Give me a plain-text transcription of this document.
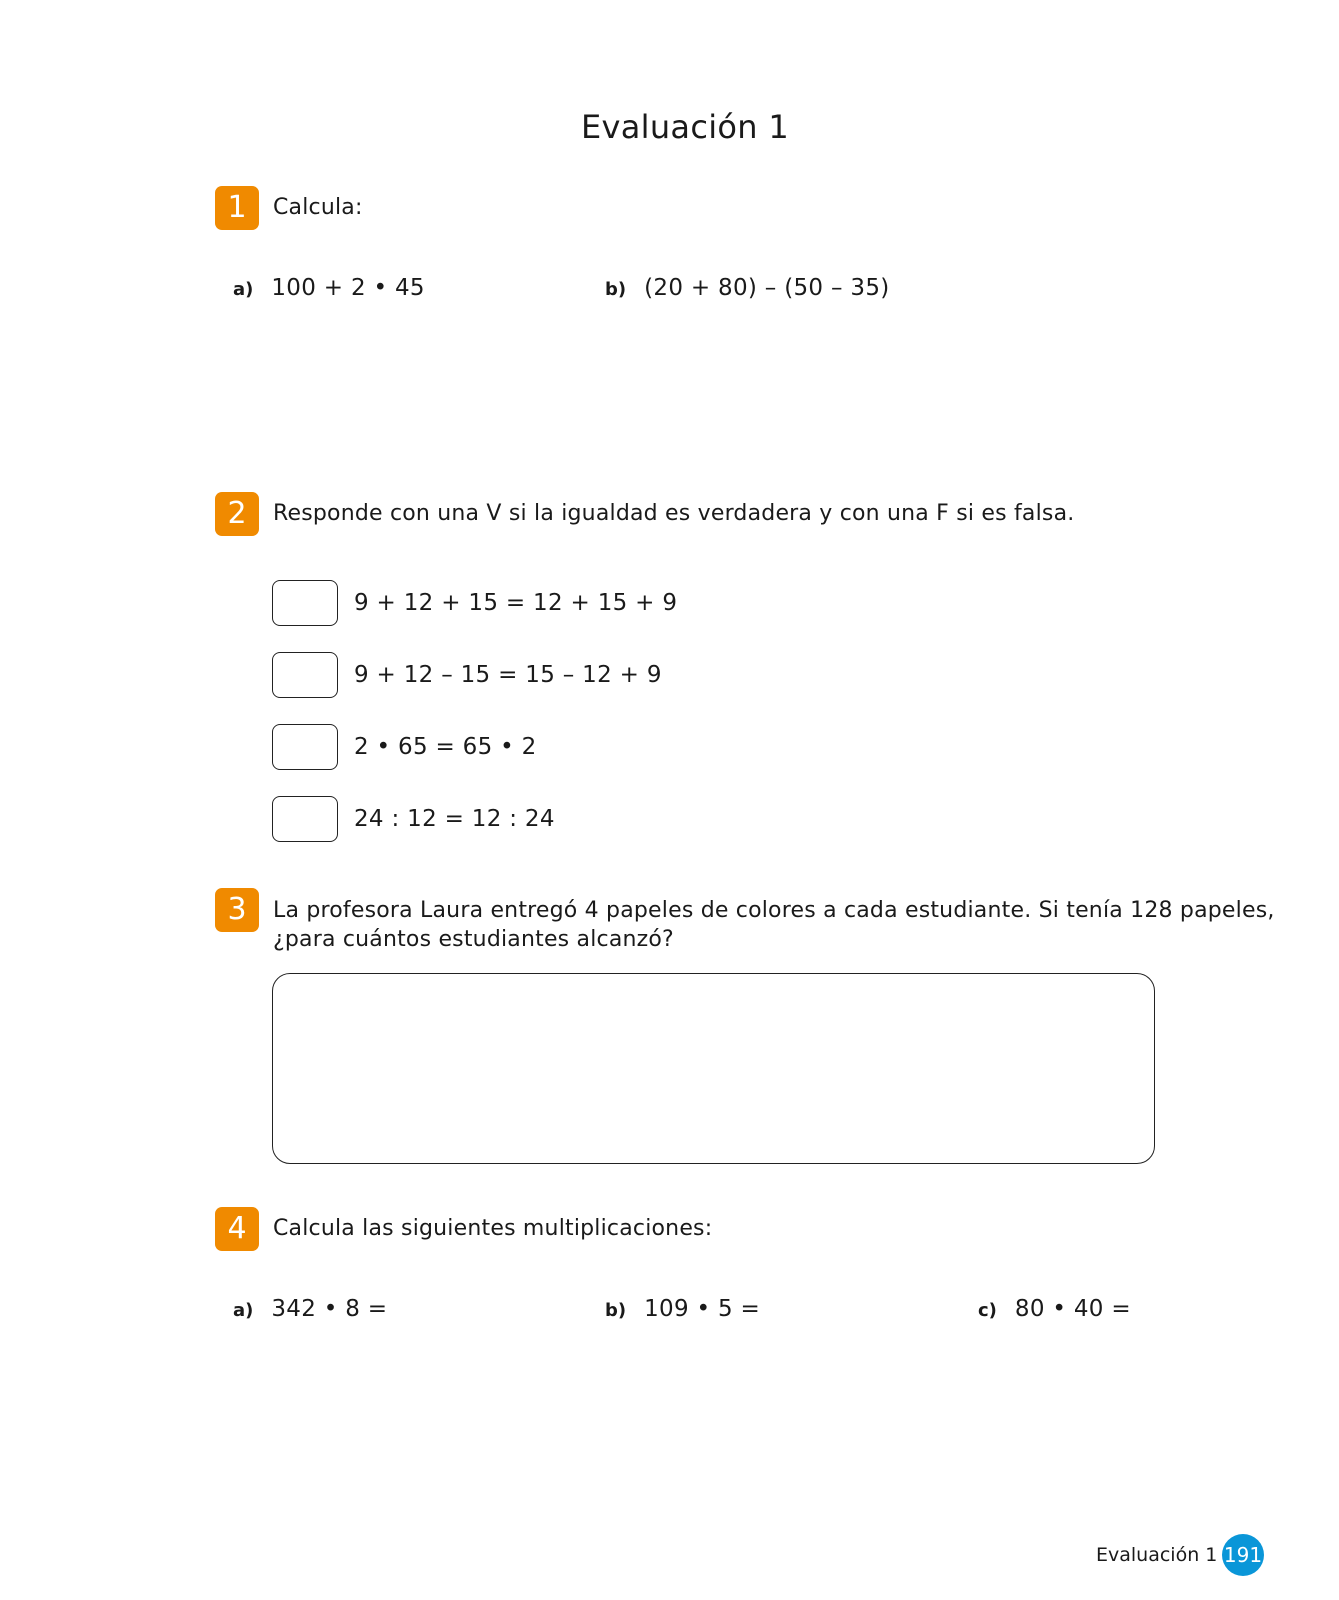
Evaluación 1
1	Calcula:
a) 100 + 2 • 45	b) (20 + 80) – (50 – 35)
2	Responde con una V si la igualdad es verdadera y con una F si es falsa.
9 + 12 + 15 = 12 + 15 + 9
9 + 12 – 15 = 15 – 12 + 9
2 • 65 = 65 • 2
24 : 12 = 12 : 24
3	La profesora Laura entregó 4 papeles de colores a cada estudiante. Si tenía 128 papeles,
¿para cuántos estudiantes alcanzó?
4	Calcula las siguientes multiplicaciones:
a) 342 • 8 =	b) 109 • 5 =	c) 80 • 40 =
Evaluación 1 191
